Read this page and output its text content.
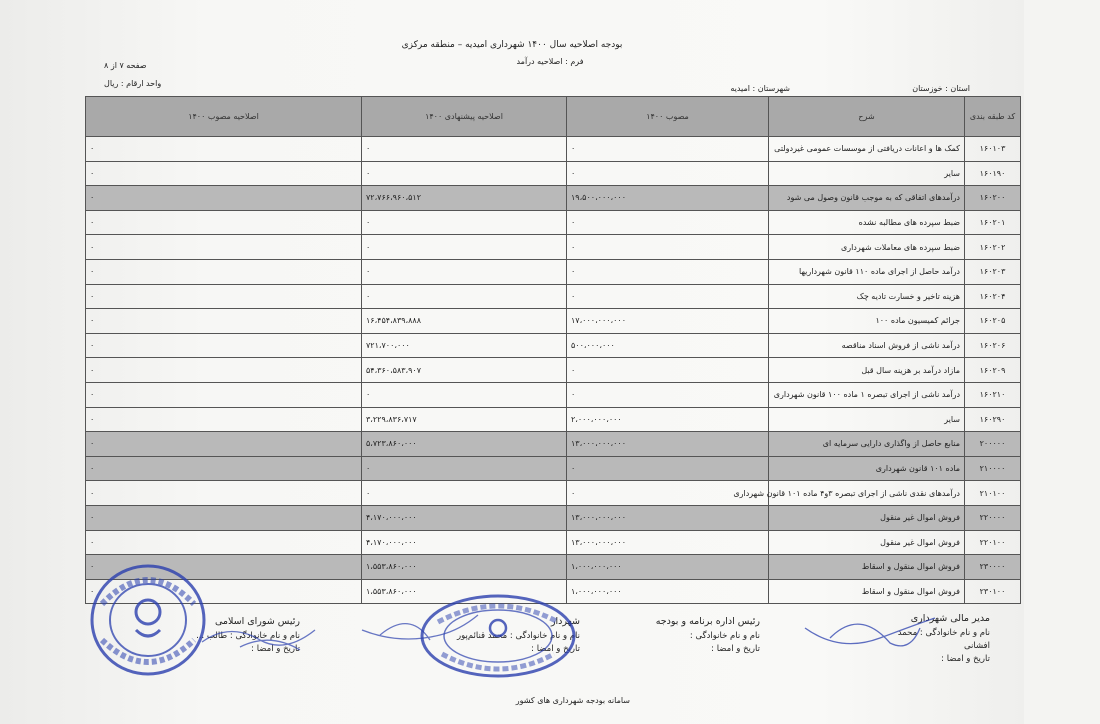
بودجه اصلاحیه سال ۱۴۰۰ شهرداری امیدیه – منطقه مرکزی
فرم : اصلاحیه درآمد
صفحه ۷ از ۸
واحد ارقام : ریال
استان : خوزستان
شهرستان : امیدیه
کد طبقه بندی	شرح	مصوب ۱۴۰۰	اصلاحیه پیشنهادی ۱۴۰۰	اصلاحیه مصوب ۱۴۰۰
۱۶۰۱۰۳	کمک ها و اعانات دریافتی از موسسات عمومی غیردولتی	۰	۰	۰
۱۶۰۱۹۰	سایر	۰	۰	۰
۱۶۰۲۰۰	درآمدهای اتفاقی که به موجب قانون وصول می شود	۱۹،۵۰۰،۰۰۰،۰۰۰	۷۲،۷۶۶،۹۶۰،۵۱۲	۰
۱۶۰۲۰۱	ضبط سپرده های مطالبه نشده	۰	۰	۰
۱۶۰۲۰۲	ضبط سپرده های معاملات شهرداری	۰	۰	۰
۱۶۰۲۰۳	درآمد حاصل از اجرای ماده ۱۱۰ قانون شهرداریها	۰	۰	۰
۱۶۰۲۰۴	هزینه تاخیر و خسارت تادیه چک	۰	۰	۰
۱۶۰۲۰۵	جرائم کمیسیون ماده ۱۰۰	۱۷،۰۰۰،۰۰۰،۰۰۰	۱۶،۴۵۴،۸۳۹،۸۸۸	۰
۱۶۰۲۰۶	درآمد ناشی از فروش اسناد مناقصه	۵۰۰،۰۰۰،۰۰۰	۷۲۱،۷۰۰،۰۰۰	۰
۱۶۰۲۰۹	مازاد درآمد بر هزینه سال قبل	۰	۵۴،۳۶۰،۵۸۳،۹۰۷	۰
۱۶۰۲۱۰	درآمد ناشی از اجرای تبصره ۱ ماده ۱۰۰ قانون شهرداری	۰	۰	۰
۱۶۰۲۹۰	سایر	۲،۰۰۰،۰۰۰،۰۰۰	۳،۲۲۹،۸۳۶،۷۱۷	۰
۲۰۰۰۰۰	منابع حاصل از واگذاری دارایی سرمایه ای	۱۳،۰۰۰،۰۰۰،۰۰۰	۵،۷۲۳،۸۶۰،۰۰۰	۰
۲۱۰۰۰۰	ماده ۱۰۱ قانون شهرداری	۰	۰	۰
۲۱۰۱۰۰	درآمدهای نقدی ناشی از اجرای تبصره ۳و۴ ماده ۱۰۱ قانون شهرداری	۰	۰	۰
۲۲۰۰۰۰	فروش اموال غیر منقول	۱۳،۰۰۰،۰۰۰،۰۰۰	۴،۱۷۰،۰۰۰،۰۰۰	۰
۲۲۰۱۰۰	فروش اموال غیر منقول	۱۳،۰۰۰،۰۰۰،۰۰۰	۴،۱۷۰،۰۰۰،۰۰۰	۰
۲۳۰۰۰۰	فروش اموال منقول و اسقاط	۱،۰۰۰،۰۰۰،۰۰۰	۱،۵۵۳،۸۶۰،۰۰۰	۰
۲۳۰۱۰۰	فروش اموال منقول و اسقاط	۱،۰۰۰،۰۰۰،۰۰۰	۱،۵۵۳،۸۶۰،۰۰۰	۰
مدیر مالی شهرداری
نام و نام خانوادگی : محمد افشانی
تاریخ و امضا :
رئیس اداره برنامه و بودجه
نام و نام خانوادگی :
تاریخ و امضا :
شهردار
نام و نام خانوادگی : محمد قنائم‌پور
تاریخ و امضا :
رئیس شورای اسلامی
نام و نام خانوادگی : طالب ...
تاریخ و امضا :
سامانه بودجه شهرداری های کشور
